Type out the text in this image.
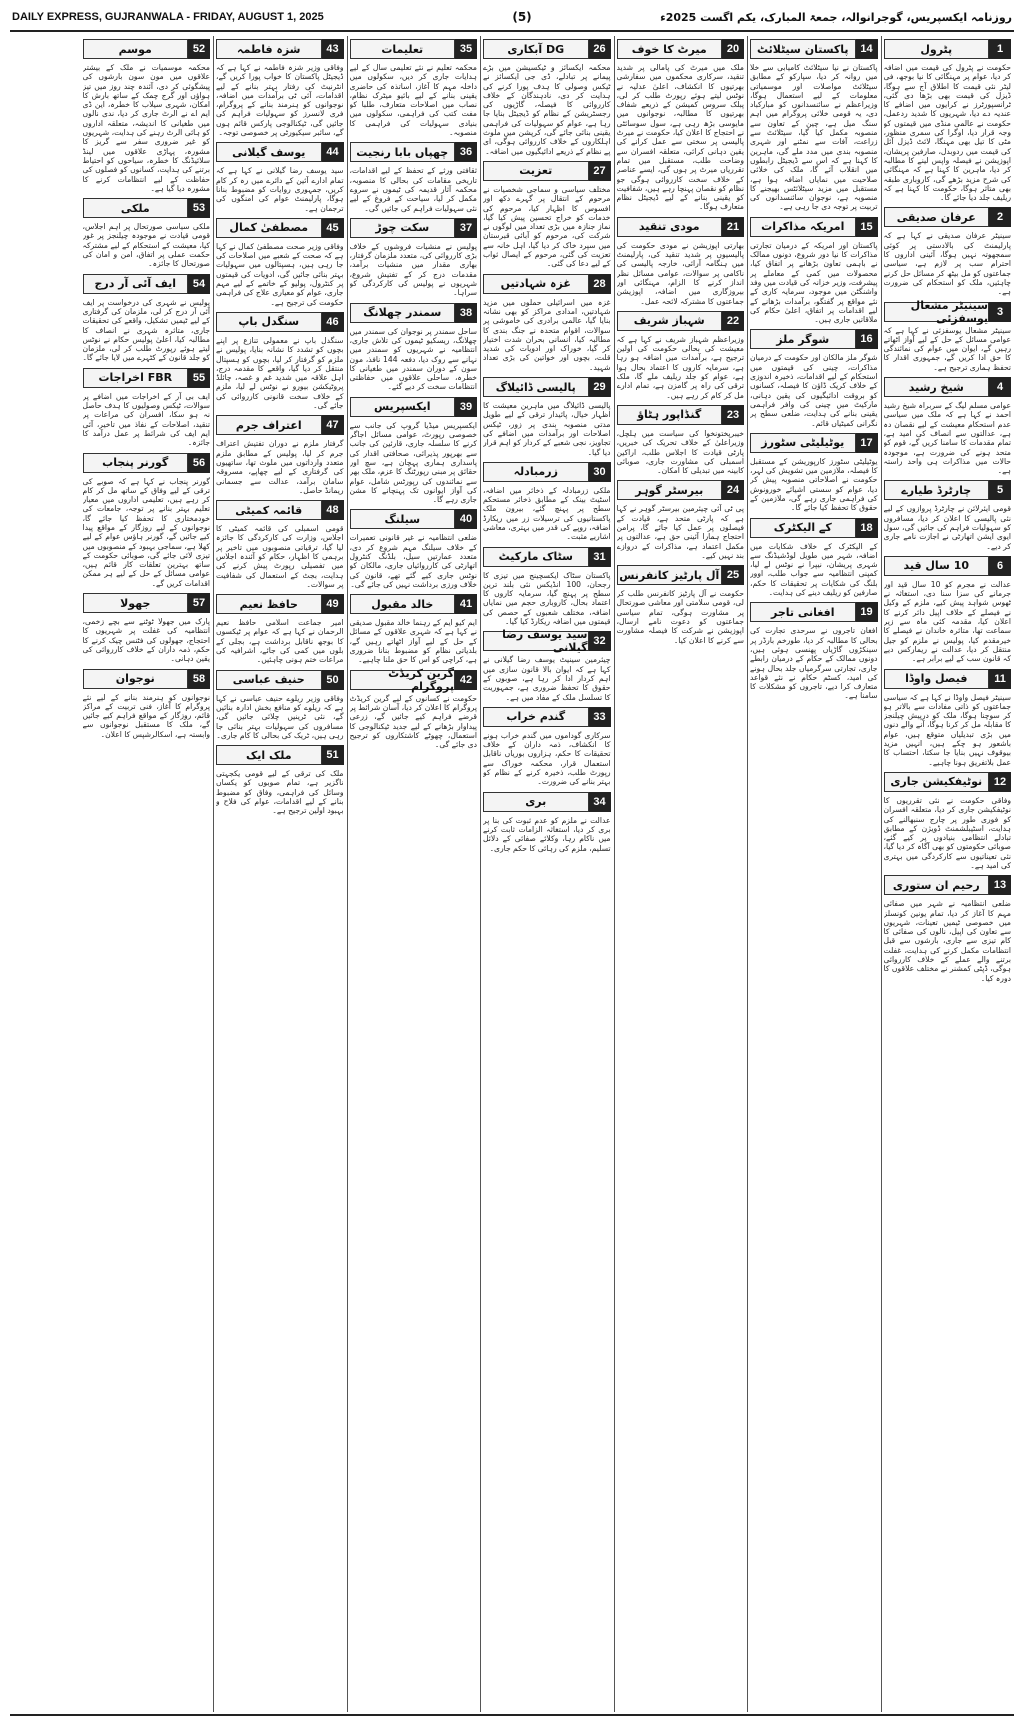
DAILY EXPRESS, GUJRANWALA - FRIDAY, AUGUST 1, 2025	(5)	روزنامہ ایکسپریس، گوجرانوالہ، جمعۃ المبارک، یکم اگست 2025ء
1
پٹرول
حکومت نے پٹرول کی قیمت میں اضافہ کر دیا، عوام پر مہنگائی کا نیا بوجھ، فی لیٹر نئی قیمت کا اطلاق آج سے ہوگا، ڈیزل کی قیمت بھی بڑھا دی گئی، ٹرانسپورٹرز نے کرایوں میں اضافے کا عندیہ دے دیا، شہریوں کا شدید ردعمل، حکومت نے عالمی منڈی میں قیمتوں کو وجہ قرار دیا، اوگرا کی سمری منظور، مٹی کا تیل بھی مہنگا، لائٹ ڈیزل آئل کی قیمت میں ردوبدل، صارفین پریشان، اپوزیشن نے فیصلہ واپس لینے کا مطالبہ کر دیا، ماہرین کا کہنا ہے کہ مہنگائی کی شرح مزید بڑھے گی، کاروباری طبقہ بھی متاثر ہوگا، حکومت کا کہنا ہے کہ ریلیف جلد دیا جائے گا۔
2
عرفان صدیقی
سینیٹر عرفان صدیقی نے کہا ہے کہ پارلیمنٹ کی بالادستی پر کوئی سمجھوتہ نہیں ہوگا، آئینی اداروں کا احترام سب پر لازم ہے، سیاسی جماعتوں کو مل بیٹھ کر مسائل حل کرنے چاہئیں، ملک کو استحکام کی ضرورت ہے۔
3
سینیٹر مشعال یوسفزئی
سینیٹر مشعال یوسفزئی نے کہا ہے کہ عوامی مسائل کے حل کے لیے آواز اٹھاتے رہیں گے، ایوان میں عوام کی نمائندگی کا حق ادا کریں گے، جمہوری اقدار کا تحفظ ہماری ترجیح ہے۔
4
شیخ رشید
عوامی مسلم لیگ کے سربراہ شیخ رشید احمد نے کہا ہے کہ ملک میں سیاسی عدم استحکام معیشت کے لیے نقصان دہ ہے، عدالتوں سے انصاف کی امید ہے، تمام مقدمات کا سامنا کریں گے، قوم کو متحد ہونے کی ضرورت ہے، موجودہ حالات میں مذاکرات ہی واحد راستہ ہے۔
5
چارٹرڈ طیارے
قومی ایئرلائن نے چارٹرڈ پروازوں کے لیے نئی پالیسی کا اعلان کر دیا، مسافروں کو سہولیات فراہم کی جائیں گی، سول ایوی ایشن اتھارٹی نے اجازت نامے جاری کر دیے۔
6
10 سال قید
عدالت نے مجرم کو 10 سال قید اور جرمانے کی سزا سنا دی، استغاثہ نے ٹھوس شواہد پیش کیے، ملزم کے وکیل نے فیصلے کے خلاف اپیل دائر کرنے کا اعلان کیا، مقدمہ کئی ماہ سے زیر سماعت تھا، متاثرہ خاندان نے فیصلے کا خیرمقدم کیا، پولیس نے ملزم کو جیل منتقل کر دیا، عدالت نے ریمارکس دیے کہ قانون سب کے لیے برابر ہے۔
11
فیصل واوڈا
سینیٹر فیصل واوڈا نے کہا ہے کہ سیاسی جماعتوں کو ذاتی مفادات سے بالاتر ہو کر سوچنا ہوگا، ملک کو درپیش چیلنجز کا مقابلہ مل کر کرنا ہوگا، آنے والے دنوں میں بڑی تبدیلیاں متوقع ہیں، عوام باشعور ہو چکے ہیں، انہیں مزید بیوقوف نہیں بنایا جا سکتا، احتساب کا عمل بلاتفریق ہونا چاہیے۔
12
نوٹیفکیشن جاری
وفاقی حکومت نے نئی تقرریوں کا نوٹیفکیشن جاری کر دیا، متعلقہ افسران کو فوری طور پر چارج سنبھالنے کی ہدایت، اسٹیبلشمنٹ ڈویژن کے مطابق تبادلے انتظامی بنیادوں پر کیے گئے، صوبائی حکومتوں کو بھی آگاہ کر دیا گیا، نئی تعیناتیوں سے کارکردگی میں بہتری کی امید ہے۔
13
رحیم ان ستوری
ضلعی انتظامیہ نے شہر میں صفائی مہم کا آغاز کر دیا، تمام یونین کونسلز میں خصوصی ٹیمیں تعینات، شہریوں سے تعاون کی اپیل، نالوں کی صفائی کا کام تیزی سے جاری، بارشوں سے قبل انتظامات مکمل کرنے کی ہدایت، غفلت برتنے والے عملے کے خلاف کارروائی ہوگی، ڈپٹی کمشنر نے مختلف علاقوں کا دورہ کیا۔
14
پاکستان سیٹلائٹ
پاکستان نے نیا سیٹلائٹ کامیابی سے خلا میں روانہ کر دیا، سپارکو کے مطابق سیٹلائٹ مواصلات اور موسمیاتی معلومات کے لیے استعمال ہوگا، وزیراعظم نے سائنسدانوں کو مبارکباد دی، یہ قومی خلائی پروگرام میں اہم سنگ میل ہے، چین کے تعاون سے منصوبہ مکمل کیا گیا، سیٹلائٹ سے زراعت، آفات سے نمٹنے اور شہری منصوبہ بندی میں مدد ملے گی، ماہرین کا کہنا ہے کہ اس سے ڈیجیٹل رابطوں میں انقلاب آئے گا، ملک کی خلائی صلاحیت میں نمایاں اضافہ ہوا ہے، مستقبل میں مزید سیٹلائٹس بھیجنے کا منصوبہ ہے، نوجوان سائنسدانوں کی تربیت پر توجہ دی جا رہی ہے۔
15
امریکہ مذاکرات
پاکستان اور امریکہ کے درمیان تجارتی مذاکرات کا نیا دور شروع، دونوں ممالک نے باہمی تعاون بڑھانے پر اتفاق کیا، محصولات میں کمی کے معاملے پر پیشرفت، وزیر خزانہ کی قیادت میں وفد واشنگٹن میں موجود، سرمایہ کاری کے نئے مواقع پر گفتگو، برآمدات بڑھانے کے لیے اقدامات پر اتفاق، اعلیٰ حکام کی ملاقاتیں جاری ہیں۔
16
شوگر ملز
شوگر ملز مالکان اور حکومت کے درمیان مذاکرات، چینی کی قیمتوں میں استحکام کے لیے اقدامات، ذخیرہ اندوزی کے خلاف کریک ڈاؤن کا فیصلہ، کسانوں کو بروقت ادائیگیوں کی یقین دہانی، مارکیٹ میں چینی کی وافر فراہمی یقینی بنانے کی ہدایت، ضلعی سطح پر نگرانی کمیٹیاں قائم۔
17
یوٹیلیٹی سٹورز
یوٹیلیٹی سٹورز کارپوریشن کے مستقبل کا فیصلہ، ملازمین میں تشویش کی لہر، حکومت نے اصلاحاتی منصوبہ پیش کر دیا، عوام کو سستی اشیائے خورونوش کی فراہمی جاری رہے گی، ملازمین کے حقوق کا تحفظ کیا جائے گا۔
18
کے الیکٹرک
کے الیکٹرک کے خلاف شکایات میں اضافہ، شہر میں طویل لوڈشیڈنگ سے شہری پریشان، نیپرا نے نوٹس لے لیا، کمپنی انتظامیہ سے جواب طلب، اوور بلنگ کی شکایات پر تحقیقات کا حکم، صارفین کو ریلیف دینے کی ہدایت۔
19
افغانی تاجر
افغان تاجروں نے سرحدی تجارت کی بحالی کا مطالبہ کر دیا، طورخم بارڈر پر سینکڑوں گاڑیاں پھنسی ہوئی ہیں، دونوں ممالک کے حکام کے درمیان رابطے جاری، تجارتی سرگرمیاں جلد بحال ہونے کی امید، کسٹم حکام نے نئے قواعد متعارف کرا دیے، تاجروں کو مشکلات کا سامنا ہے۔
20
میرٹ کا خوف
ملک میں میرٹ کی پامالی پر شدید تنقید، سرکاری محکموں میں سفارشی بھرتیوں کا انکشاف، اعلیٰ عدلیہ نے نوٹس لیتے ہوئے رپورٹ طلب کر لی، پبلک سروس کمیشن کے ذریعے شفاف بھرتیوں کا مطالبہ، نوجوانوں میں مایوسی بڑھ رہی ہے، سول سوسائٹی نے احتجاج کا اعلان کیا، حکومت نے میرٹ پالیسی پر سختی سے عمل کرانے کی یقین دہانی کرائی، متعلقہ افسران سے وضاحت طلب، مستقبل میں تمام تقرریاں میرٹ پر ہوں گی، ایسے عناصر کے خلاف سخت کارروائی ہوگی جو نظام کو نقصان پہنچا رہے ہیں، شفافیت کو یقینی بنانے کے لیے ڈیجیٹل نظام متعارف ہوگا۔
21
مودی تنقید
بھارتی اپوزیشن نے مودی حکومت کی پالیسیوں پر شدید تنقید کی، پارلیمنٹ میں ہنگامہ آرائی، خارجہ پالیسی کی ناکامی پر سوالات، عوامی مسائل نظر انداز کرنے کا الزام، مہنگائی اور بیروزگاری میں اضافہ، اپوزیشن جماعتوں کا مشترکہ لائحہ عمل۔
22
شہباز شریف
وزیراعظم شہباز شریف نے کہا ہے کہ معیشت کی بحالی حکومت کی اولین ترجیح ہے، برآمدات میں اضافہ ہو رہا ہے، سرمایہ کاروں کا اعتماد بحال ہوا ہے، عوام کو جلد ریلیف ملے گا، ملک ترقی کی راہ پر گامزن ہے، تمام ادارے مل کر کام کر رہے ہیں۔
23
گنڈاپور ہٹاؤ
خیبرپختونخوا کی سیاست میں ہلچل، وزیراعلیٰ کے خلاف تحریک کی خبریں، پارٹی قیادت کا اجلاس طلب، اراکین اسمبلی کی مشاورت جاری، صوبائی کابینہ میں تبدیلی کا امکان۔
24
بیرسٹر گوہر
پی ٹی آئی چیئرمین بیرسٹر گوہر نے کہا ہے کہ پارٹی متحد ہے، قیادت کے فیصلوں پر عمل کیا جائے گا، پرامن احتجاج ہمارا آئینی حق ہے، عدالتوں پر مکمل اعتماد ہے، مذاکرات کے دروازے بند نہیں کیے۔
25
آل پارٹیز کانفرنس
حکومت نے آل پارٹیز کانفرنس طلب کر لی، قومی سلامتی اور معاشی صورتحال پر مشاورت ہوگی، تمام سیاسی جماعتوں کو دعوت نامے ارسال، اپوزیشن نے شرکت کا فیصلہ مشاورت سے کرنے کا اعلان کیا۔
26
DG آبکاری
محکمہ ایکسائز و ٹیکسیشن میں بڑے پیمانے پر تبادلے، ڈی جی ایکسائز نے ٹیکس وصولی کا ہدف پورا کرنے کی ہدایت کر دی، نادہندگان کے خلاف کارروائی کا فیصلہ، گاڑیوں کی رجسٹریشن کے نظام کو ڈیجیٹل بنایا جا رہا ہے، عوام کو سہولیات کی فراہمی یقینی بنائی جائے گی، کرپشن میں ملوث اہلکاروں کے خلاف کارروائی ہوگی، ای پے نظام کے ذریعے ادائیگیوں میں اضافہ۔
27
تعزیت
مختلف سیاسی و سماجی شخصیات نے مرحوم کے انتقال پر گہرے دکھ اور افسوس کا اظہار کیا، مرحوم کی خدمات کو خراج تحسین پیش کیا گیا، نماز جنازہ میں بڑی تعداد میں لوگوں نے شرکت کی، مرحوم کو آبائی قبرستان میں سپرد خاک کر دیا گیا، اہل خانہ سے تعزیت کی گئی، مرحوم کے ایصال ثواب کے لیے دعا کی گئی۔
28
غزہ شہادتیں
غزہ میں اسرائیلی حملوں میں مزید شہادتیں، امدادی مراکز کو بھی نشانہ بنایا گیا، عالمی برادری کی خاموشی پر سوالات، اقوام متحدہ نے جنگ بندی کا مطالبہ کیا، انسانی بحران شدت اختیار کر گیا، خوراک اور ادویات کی شدید قلت، بچوں اور خواتین کی بڑی تعداد شہید۔
29
پالیسی ڈائیلاگ
پالیسی ڈائیلاگ میں ماہرین معیشت کا اظہار خیال، پائیدار ترقی کے لیے طویل مدتی منصوبہ بندی پر زور، ٹیکس اصلاحات اور برآمدات میں اضافے کی تجاویز، نجی شعبے کے کردار کو اہم قرار دیا گیا۔
30
زرمبادلہ
ملکی زرمبادلہ کے ذخائر میں اضافہ، اسٹیٹ بینک کے مطابق ذخائر مستحکم سطح پر پہنچ گئے، بیرون ملک پاکستانیوں کی ترسیلات زر میں ریکارڈ اضافہ، روپے کی قدر میں بہتری، معاشی اشاریے مثبت۔
31
سٹاک مارکیٹ
پاکستان سٹاک ایکسچینج میں تیزی کا رجحان، 100 انڈیکس نئی بلند ترین سطح پر پہنچ گیا، سرمایہ کاروں کا اعتماد بحال، کاروباری حجم میں نمایاں اضافہ، مختلف شعبوں کے حصص کی قیمتوں میں اضافہ ریکارڈ کیا گیا۔
32
سید یوسف رضا گیلانی
چیئرمین سینیٹ یوسف رضا گیلانی نے کہا ہے کہ ایوان بالا قانون سازی میں اہم کردار ادا کر رہا ہے، صوبوں کے حقوق کا تحفظ ضروری ہے، جمہوریت کا تسلسل ملک کے مفاد میں ہے۔
33
گندم خراب
سرکاری گوداموں میں گندم خراب ہونے کا انکشاف، ذمہ داران کے خلاف تحقیقات کا حکم، ہزاروں بوریاں ناقابل استعمال قرار، محکمہ خوراک سے رپورٹ طلب، ذخیرہ کرنے کے نظام کو بہتر بنانے کی ضرورت۔
34
بری
عدالت نے ملزم کو عدم ثبوت کی بنا پر بری کر دیا، استغاثہ الزامات ثابت کرنے میں ناکام رہا، وکلائے صفائی کے دلائل تسلیم، ملزم کی رہائی کا حکم جاری۔
35
تعلیمات
محکمہ تعلیم نے نئے تعلیمی سال کے لیے ہدایات جاری کر دیں، سکولوں میں داخلہ مہم کا آغاز، اساتذہ کی حاضری یقینی بنانے کے لیے بائیو میٹرک نظام، نصاب میں اصلاحات متعارف، طلبا کو مفت کتب کی فراہمی، سکولوں میں بنیادی سہولیات کی فراہمی کا منصوبہ۔
36
چھپاں بابا رنجیت
ثقافتی ورثے کے تحفظ کے لیے اقدامات، تاریخی مقامات کی بحالی کا منصوبہ، محکمہ آثار قدیمہ کی ٹیموں نے سروے مکمل کر لیا، سیاحت کے فروغ کے لیے نئی سہولیات فراہم کی جائیں گی۔
37
سکت چوڑ
پولیس نے منشیات فروشوں کے خلاف بڑی کارروائی کی، متعدد ملزمان گرفتار، بھاری مقدار میں منشیات برآمد، مقدمات درج کر کے تفتیش شروع، شہریوں نے پولیس کی کارکردگی کو سراہا۔
38
سمندر چھلانگ
ساحل سمندر پر نوجوان کی سمندر میں چھلانگ، ریسکیو ٹیموں کی تلاش جاری، انتظامیہ نے شہریوں کو سمندر میں نہانے سے روک دیا، دفعہ 144 نافذ، مون سون کے دوران سمندر میں طغیانی کا خطرہ، ساحلی علاقوں میں حفاظتی انتظامات سخت کر دیے گئے۔
39
ایکسپریس
ایکسپریس میڈیا گروپ کی جانب سے خصوصی رپورٹ، عوامی مسائل اجاگر کرنے کا سلسلہ جاری، قارئین کی جانب سے بھرپور پذیرائی، صحافتی اقدار کی پاسداری ہماری پہچان ہے، سچ اور حقائق پر مبنی رپورٹنگ کا عزم، ملک بھر سے نمائندوں کی رپورٹس شامل، عوام کی آواز ایوانوں تک پہنچانے کا مشن جاری رہے گا۔
40
سیلنگ
ضلعی انتظامیہ نے غیر قانونی تعمیرات کے خلاف سیلنگ مہم شروع کر دی، متعدد عمارتیں سیل، بلڈنگ کنٹرول اتھارٹی کی کارروائیاں جاری، مالکان کو نوٹس جاری کیے گئے تھے، قانون کی خلاف ورزی برداشت نہیں کی جائے گی۔
41
خالد مقبول
ایم کیو ایم کے رہنما خالد مقبول صدیقی نے کہا ہے کہ شہری علاقوں کے مسائل کے حل کے لیے آواز اٹھاتے رہیں گے، بلدیاتی نظام کو مضبوط بنانا ضروری ہے، کراچی کو اس کا حق ملنا چاہیے۔
42
گرین کریڈٹ پروگرام
حکومت نے کسانوں کے لیے گرین کریڈٹ پروگرام کا اعلان کر دیا، آسان شرائط پر قرضے فراہم کیے جائیں گے، زرعی پیداوار بڑھانے کے لیے جدید ٹیکنالوجی کا استعمال، چھوٹے کاشتکاروں کو ترجیح دی جائے گی۔
43
شزہ فاطمہ
وفاقی وزیر شزہ فاطمہ نے کہا ہے کہ ڈیجیٹل پاکستان کا خواب پورا کریں گے، انٹرنیٹ کی رفتار بہتر بنانے کے لیے اقدامات، آئی ٹی برآمدات میں اضافہ، نوجوانوں کو ہنرمند بنانے کے پروگرام، فری لانسرز کو سہولیات فراہم کی جائیں گی، ٹیکنالوجی پارکس قائم ہوں گے، سائبر سیکیورٹی پر خصوصی توجہ۔
44
یوسف گیلانی
سید یوسف رضا گیلانی نے کہا ہے کہ تمام ادارے آئین کے دائرے میں رہ کر کام کریں، جمہوری روایات کو مضبوط بنانا ہوگا، پارلیمنٹ عوام کی امنگوں کی ترجمان ہے۔
45
مصطفیٰ کمال
وفاقی وزیر صحت مصطفیٰ کمال نے کہا ہے کہ صحت کے شعبے میں اصلاحات کی جا رہی ہیں، ہسپتالوں میں سہولیات بہتر بنائی جائیں گی، ادویات کی قیمتوں پر کنٹرول، پولیو کے خاتمے کے لیے مہم جاری، عوام کو معیاری علاج کی فراہمی حکومت کی ترجیح ہے۔
46
سنگدل باپ
سنگدل باپ نے معمولی تنازع پر اپنے بچوں کو تشدد کا نشانہ بنایا، پولیس نے ملزم کو گرفتار کر لیا، بچوں کو ہسپتال منتقل کر دیا گیا، واقعے کا مقدمہ درج، اہل علاقہ میں شدید غم و غصہ، چائلڈ پروٹیکشن بیورو نے نوٹس لے لیا، ملزم کے خلاف سخت قانونی کارروائی کی جائے گی۔
47
اعتراف جرم
گرفتار ملزم نے دوران تفتیش اعتراف جرم کر لیا، پولیس کے مطابق ملزم متعدد وارداتوں میں ملوث تھا، ساتھیوں کی گرفتاری کے لیے چھاپے، مسروقہ سامان برآمد، عدالت سے جسمانی ریمانڈ حاصل۔
48
قائمہ کمیٹی
قومی اسمبلی کی قائمہ کمیٹی کا اجلاس، وزارت کی کارکردگی کا جائزہ لیا گیا، ترقیاتی منصوبوں میں تاخیر پر برہمی کا اظہار، حکام کو آئندہ اجلاس میں تفصیلی رپورٹ پیش کرنے کی ہدایت، بجٹ کے استعمال کی شفافیت پر سوالات۔
49
حافظ نعیم
امیر جماعت اسلامی حافظ نعیم الرحمان نے کہا ہے کہ عوام پر ٹیکسوں کا بوجھ ناقابل برداشت ہے، بجلی کے بلوں میں کمی کی جائے، اشرافیہ کی مراعات ختم ہونی چاہئیں۔
50
حنیف عباسی
وفاقی وزیر ریلوے حنیف عباسی نے کہا ہے کہ ریلوے کو منافع بخش ادارہ بنائیں گے، نئی ٹرینیں چلائی جائیں گی، مسافروں کی سہولیات بہتر بنائی جا رہی ہیں، ٹریک کی بحالی کا کام جاری۔
51
ملک ایک
ملک کی ترقی کے لیے قومی یکجہتی ناگزیر ہے، تمام صوبوں کو یکساں وسائل کی فراہمی، وفاق کو مضبوط بنانے کے لیے اقدامات، عوام کی فلاح و بہبود اولین ترجیح ہے۔
52
موسم
محکمہ موسمیات نے ملک کے بیشتر علاقوں میں مون سون بارشوں کی پیشگوئی کر دی، آئندہ چند روز میں تیز ہواؤں اور گرج چمک کے ساتھ بارش کا امکان، شہری سیلاب کا خطرہ، این ڈی ایم اے نے الرٹ جاری کر دیا، ندی نالوں میں طغیانی کا اندیشہ، متعلقہ اداروں کو ہائی الرٹ رہنے کی ہدایت، شہریوں کو غیر ضروری سفر سے گریز کا مشورہ، پہاڑی علاقوں میں لینڈ سلائیڈنگ کا خطرہ، سیاحوں کو احتیاط برتنے کی ہدایت، کسانوں کو فصلوں کی حفاظت کے لیے انتظامات کرنے کا مشورہ دیا گیا ہے۔
53
ملکی
ملکی سیاسی صورتحال پر اہم اجلاس، قومی قیادت نے موجودہ چیلنجز پر غور کیا، معیشت کے استحکام کے لیے مشترکہ حکمت عملی پر اتفاق، امن و امان کی صورتحال کا جائزہ۔
54
ایف آئی آر درج
پولیس نے شہری کی درخواست پر ایف آئی آر درج کر لی، ملزمان کی گرفتاری کے لیے ٹیمیں تشکیل، واقعے کی تحقیقات جاری، متاثرہ شہری نے انصاف کا مطالبہ کیا، اعلیٰ پولیس حکام نے نوٹس لیتے ہوئے رپورٹ طلب کر لی، ملزمان کو جلد قانون کے کٹہرے میں لایا جائے گا۔
55
FBR اخراجات
ایف بی آر کے اخراجات میں اضافے پر سوالات، ٹیکس وصولیوں کا ہدف حاصل نہ ہو سکا، افسران کی مراعات پر تنقید، اصلاحات کے نفاذ میں تاخیر، آئی ایم ایف کی شرائط پر عمل درآمد کا جائزہ۔
56
گورنر پنجاب
گورنر پنجاب نے کہا ہے کہ صوبے کی ترقی کے لیے وفاق کے ساتھ مل کر کام کر رہے ہیں، تعلیمی اداروں میں معیار تعلیم بہتر بنانے پر توجہ، جامعات کی خودمختاری کا تحفظ کیا جائے گا، نوجوانوں کے لیے روزگار کے مواقع پیدا کیے جائیں گے، گورنر ہاؤس عوام کے لیے کھلا ہے، سماجی بہبود کے منصوبوں میں تیزی لائی جائے گی، صوبائی حکومت کے ساتھ بہترین تعلقات کار قائم ہیں، عوامی مسائل کے حل کے لیے ہر ممکن اقدامات کریں گے۔
57
جھولا
پارک میں جھولا ٹوٹنے سے بچے زخمی، انتظامیہ کی غفلت پر شہریوں کا احتجاج، جھولوں کی فٹنس چیک کرنے کا حکم، ذمہ داران کے خلاف کارروائی کی یقین دہانی۔
58
نوجوان
نوجوانوں کو ہنرمند بنانے کے لیے نئے پروگرام کا آغاز، فنی تربیت کے مراکز قائم، روزگار کے مواقع فراہم کیے جائیں گے، ملک کا مستقبل نوجوانوں سے وابستہ ہے، اسکالرشپس کا اعلان۔
